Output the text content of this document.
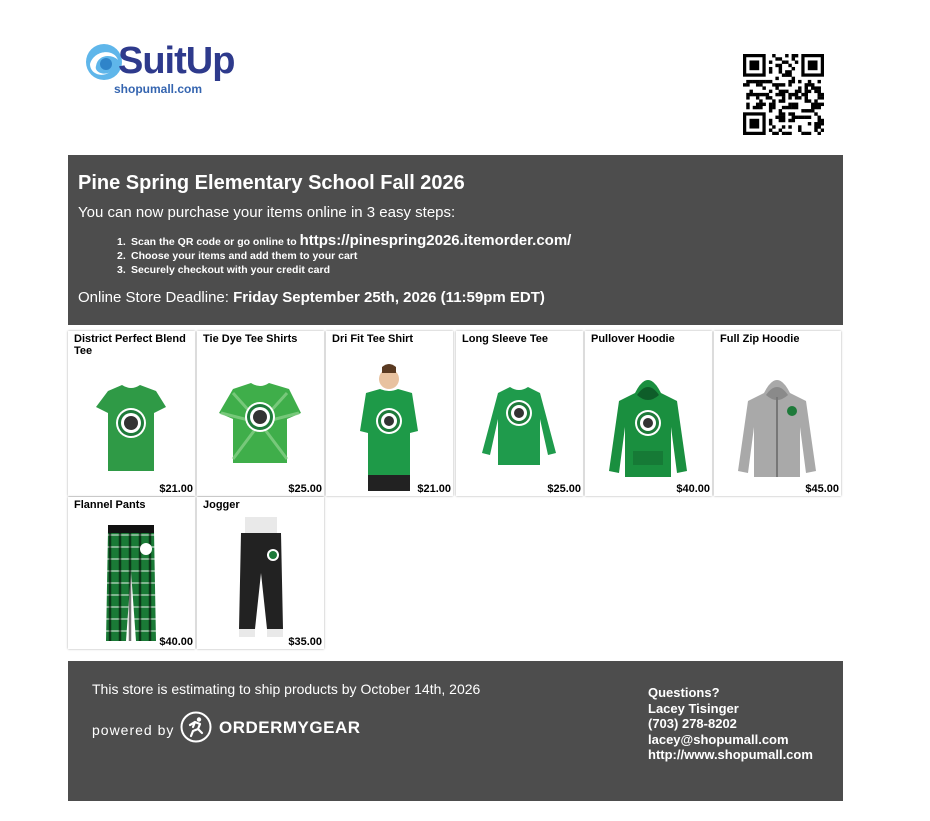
SuitUp
shopumall.com
Pine Spring Elementary School Fall 2026
You can now purchase your items online in 3 easy steps:
1. Scan the QR code or go online to https://pinespring2026.itemorder.com/
2. Choose your items and add them to your cart
3. Securely checkout with your credit card
Online Store Deadline: Friday September 25th, 2026 (11:59pm EDT)
District Perfect Blend Tee
$21.00
Tie Dye Tee Shirts
$25.00
Dri Fit Tee Shirt
$21.00
Long Sleeve Tee
$25.00
Pullover Hoodie
$40.00
Full Zip Hoodie
$45.00
Flannel Pants
$40.00
Jogger
$35.00
This store is estimating to ship products by October 14th, 2026
powered by	ORDERMYGEAR
Questions?
Lacey Tisinger
(703) 278-8202
lacey@shopumall.com
http://www.shopumall.com
